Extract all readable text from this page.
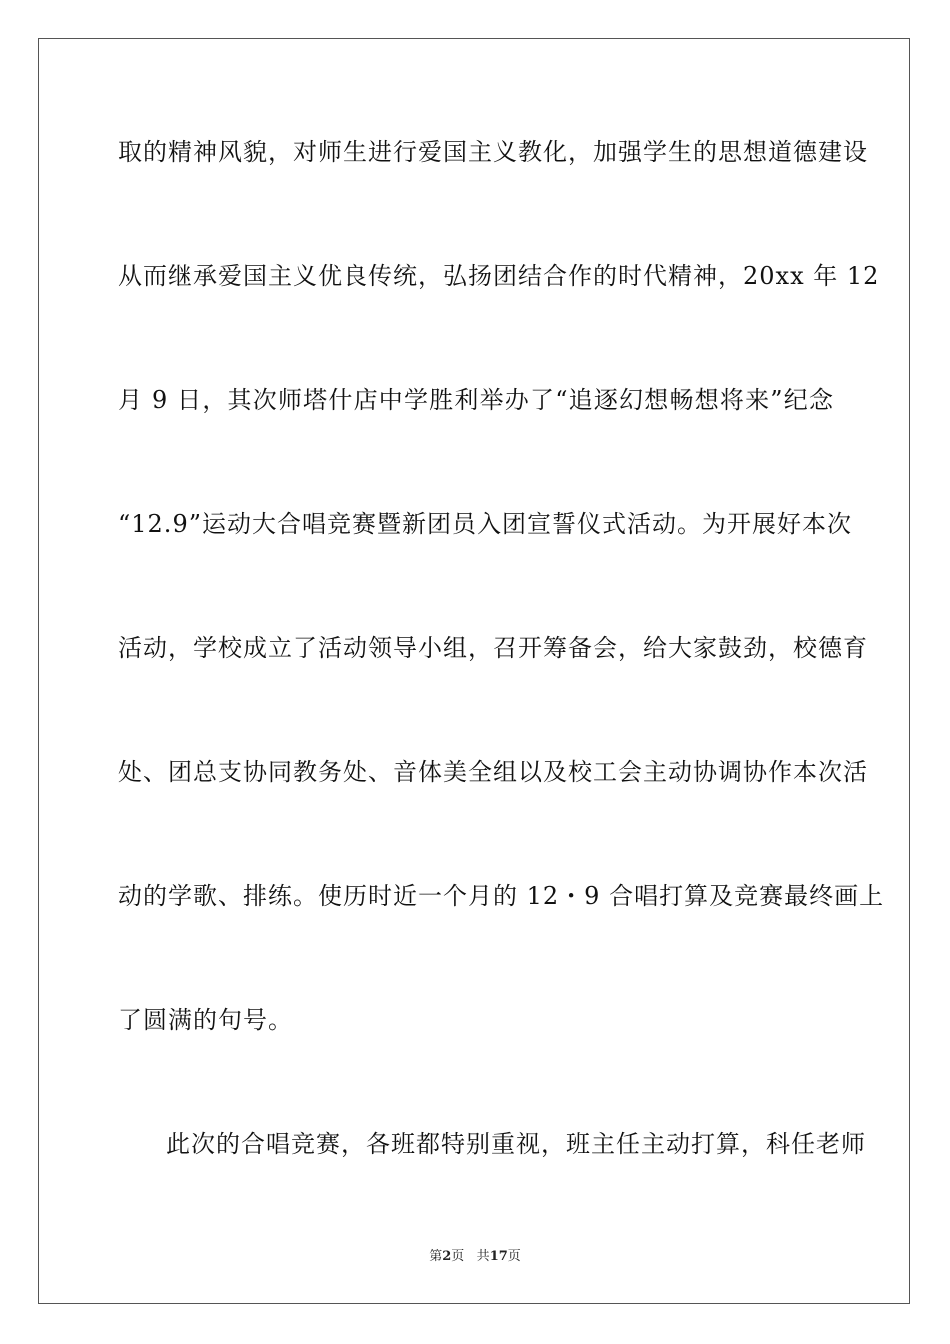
取的精神风貌，对师生进行爱国主义教化，加强学生的思想道德建设
从而继承爱国主义优良传统，弘扬团结合作的时代精神，20xx 年 12
月 9 日，其次师塔什店中学胜利举办了“追逐幻想畅想将来”纪念
“12.9”运动大合唱竞赛暨新团员入团宣誓仪式活动。为开展好本次
活动，学校成立了活动领导小组，召开筹备会，给大家鼓劲，校德育
处、团总支协同教务处、音体美全组以及校工会主动协调协作本次活
动的学歌、排练。使历时近一个月的 12・9 合唱打算及竞赛最终画上
了圆满的句号。
此次的合唱竞赛，各班都特别重视，班主任主动打算，科任老师
第2页 共17页
